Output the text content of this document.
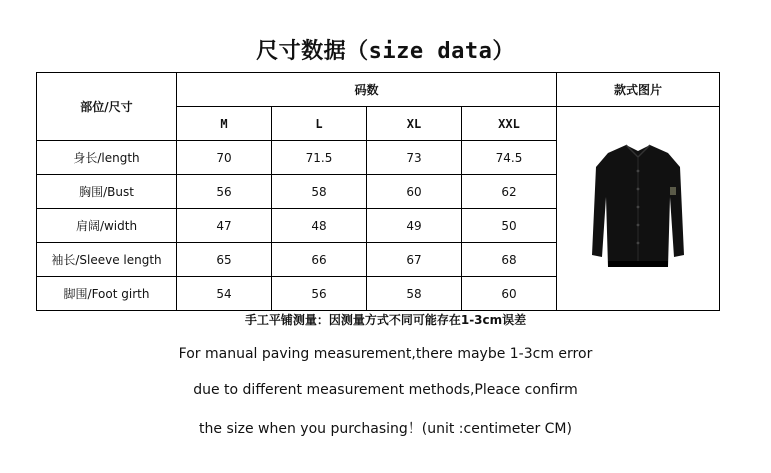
尺寸数据（size data）
部位/尺寸	码数				款式图片
	M	L	XL	XXL	
身长/length	70	71.5	73	74.5	
胸围/Bust	56	58	60	62	
肩阔/width	47	48	49	50	
袖长/Sleeve length	65	66	67	68	
脚围/Foot girth	54	56	58	60	
手工平铺测量：因测量方式不同可能存在1-3cm误差
For manual paving measurement,there maybe 1-3cm error
due to different measurement methods,Pleace confirm
the size when you purchasing！(unit :centimeter CM)
